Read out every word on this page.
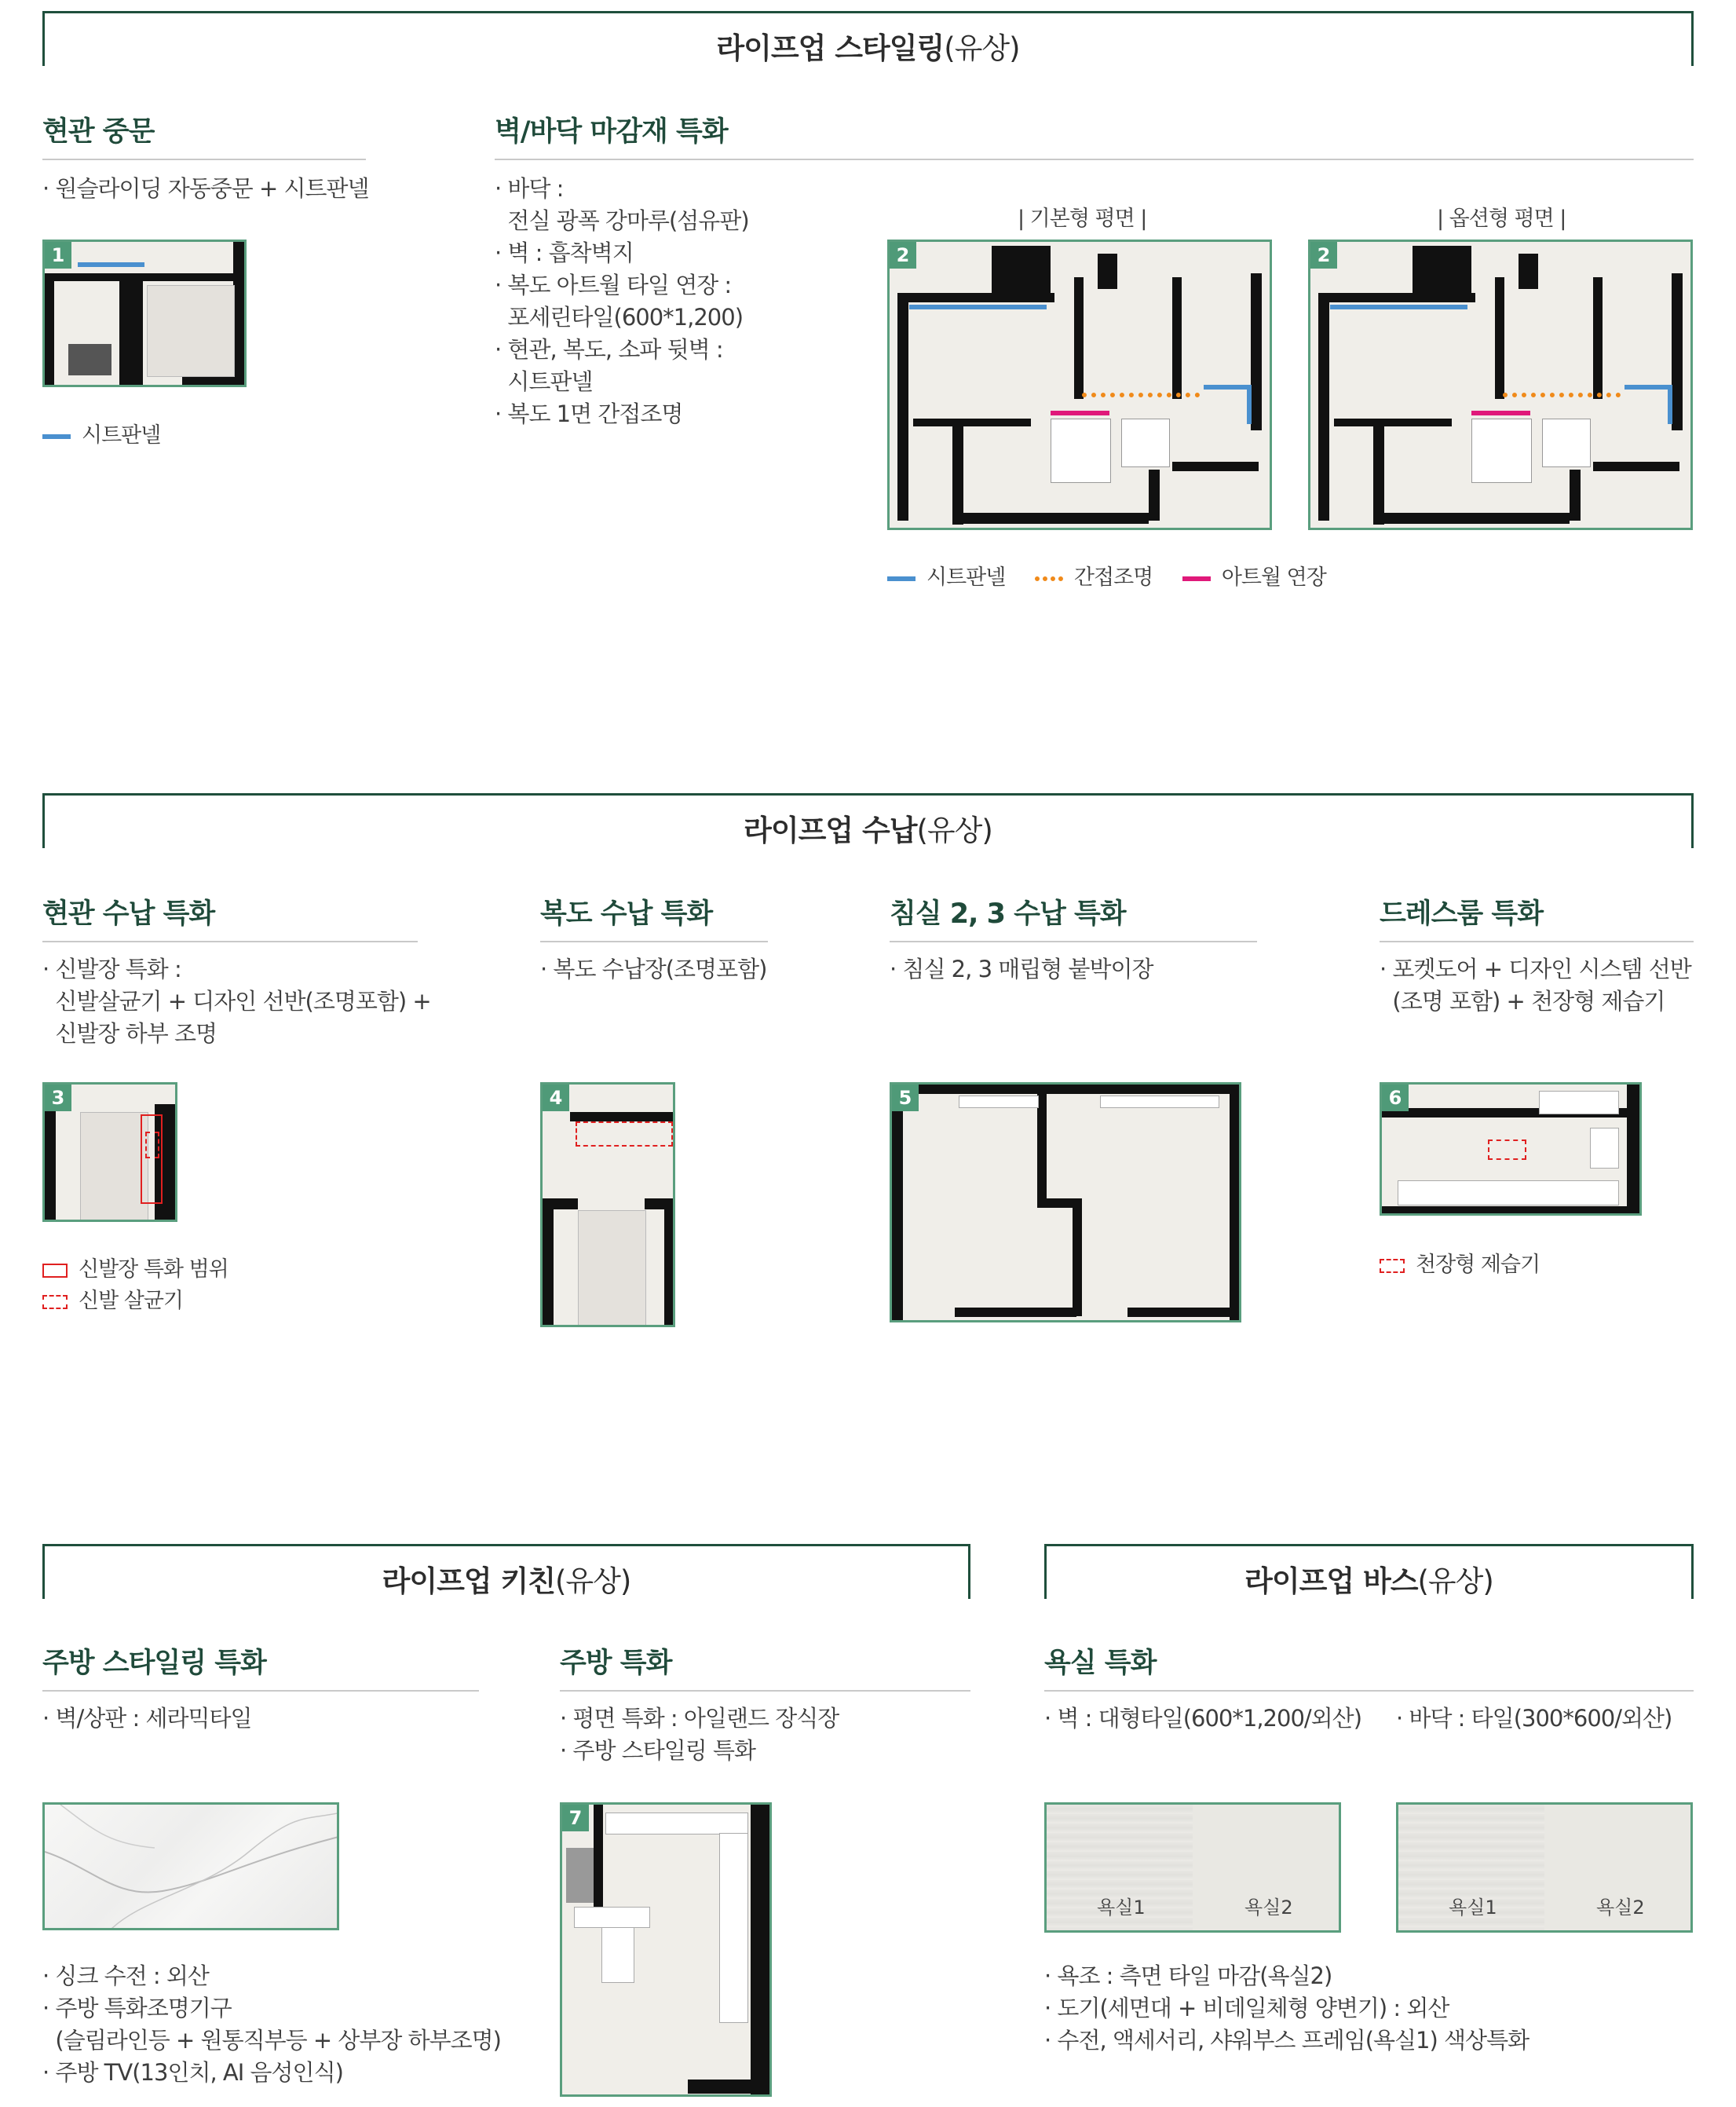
라이프업 스타일링(유상)
현관 중문
· 원슬라이딩 자동중문 + 시트판넬
1
시트판넬
벽/바닥 마감재 특화
· 바닥 :
전실 광폭 강마루(섬유판)
· 벽 : 흡착벽지
· 복도 아트월 타일 연장 :
포세린타일(600*1,200)
· 현관, 복도, 소파 뒷벽 :
시트판넬
· 복도 1면 간접조명
| 기본형 평면 |	| 옵션형 평면 |
2	2
시트판넬	간접조명	아트월 연장
라이프업 수납(유상)
현관 수납 특화
· 신발장 특화 :
신발살균기 + 디자인 선반(조명포함) +
신발장 하부 조명
3
신발장 특화 범위
신발 살균기
복도 수납 특화
· 복도 수납장(조명포함)
4
침실 2, 3 수납 특화
· 침실 2, 3 매립형 붙박이장
5
드레스룸 특화
· 포켓도어 + 디자인 시스템 선반
(조명 포함) + 천장형 제습기
6
천장형 제습기
라이프업 키친(유상)
주방 스타일링 특화
· 벽/상판 : 세라믹타일
· 싱크 수전 : 외산
· 주방 특화조명기구
(슬림라인등 + 원통직부등 + 상부장 하부조명)
· 주방 TV(13인치, AI 음성인식)
주방 특화
· 평면 특화 : 아일랜드 장식장
· 주방 스타일링 특화
7
라이프업 바스(유상)
욕실 특화
· 벽 : 대형타일(600*1,200/외산) · 바닥 : 타일(300*600/외산)
욕실1	욕실2	욕실1	욕실2
· 욕조 : 측면 타일 마감(욕실2)
· 도기(세면대 + 비데일체형 양변기) : 외산
· 수전, 액세서리, 샤워부스 프레임(욕실1) 색상특화
